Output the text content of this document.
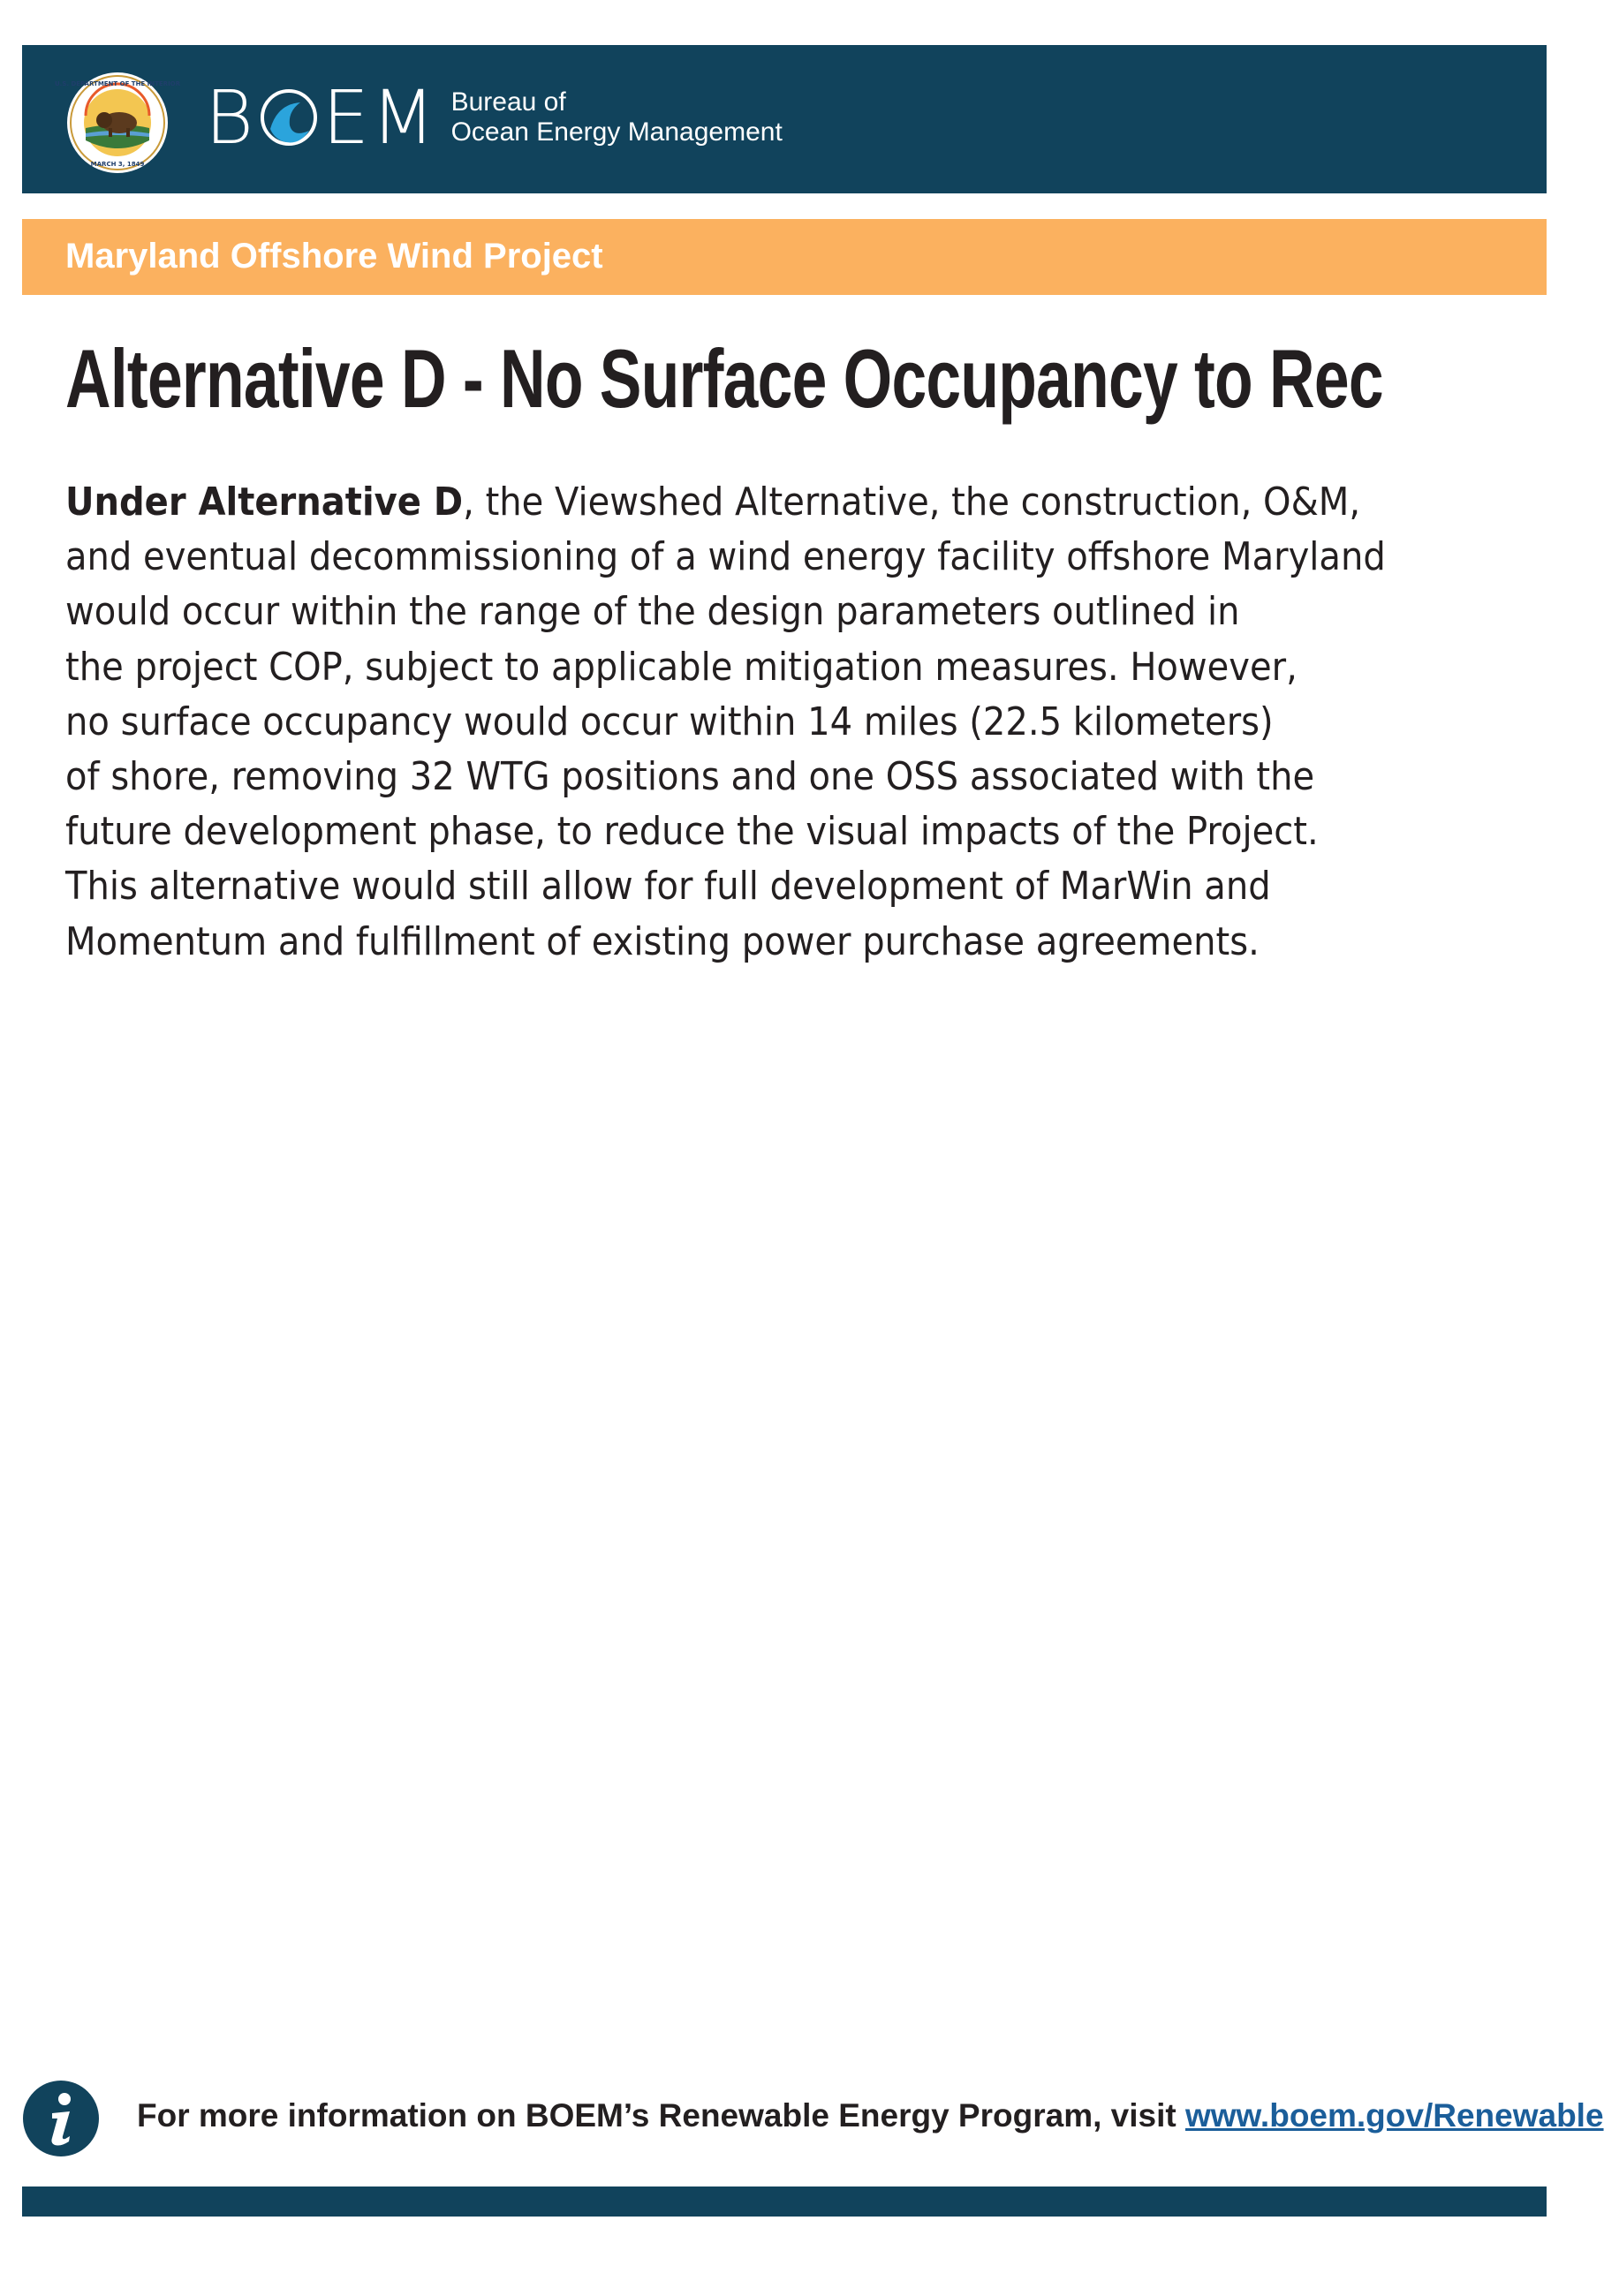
U.S. DEPARTMENT OF THE INTERIOR
MARCH 3, 1849
B EM Bureau of
Ocean Energy Management
Maryland Offshore Wind Project
Alternative D - No Surface Occupancy to Rec
Under Alternative D, the Viewshed Alternative, the construction, O&M,
and eventual decommissioning of a wind energy facility offshore Maryland
would occur within the range of the design parameters outlined in
the project COP, subject to applicable mitigation measures. However,
no surface occupancy would occur within 14 miles (22.5 kilometers)
of shore, removing 32 WTG positions and one OSS associated with the
future development phase, to reduce the visual impacts of the Project.
This alternative would still allow for full development of MarWin and
Momentum and fulfillment of existing power purchase agreements.
For more information on BOEM’s Renewable Energy Program, visit www.boem.gov/Renewable
